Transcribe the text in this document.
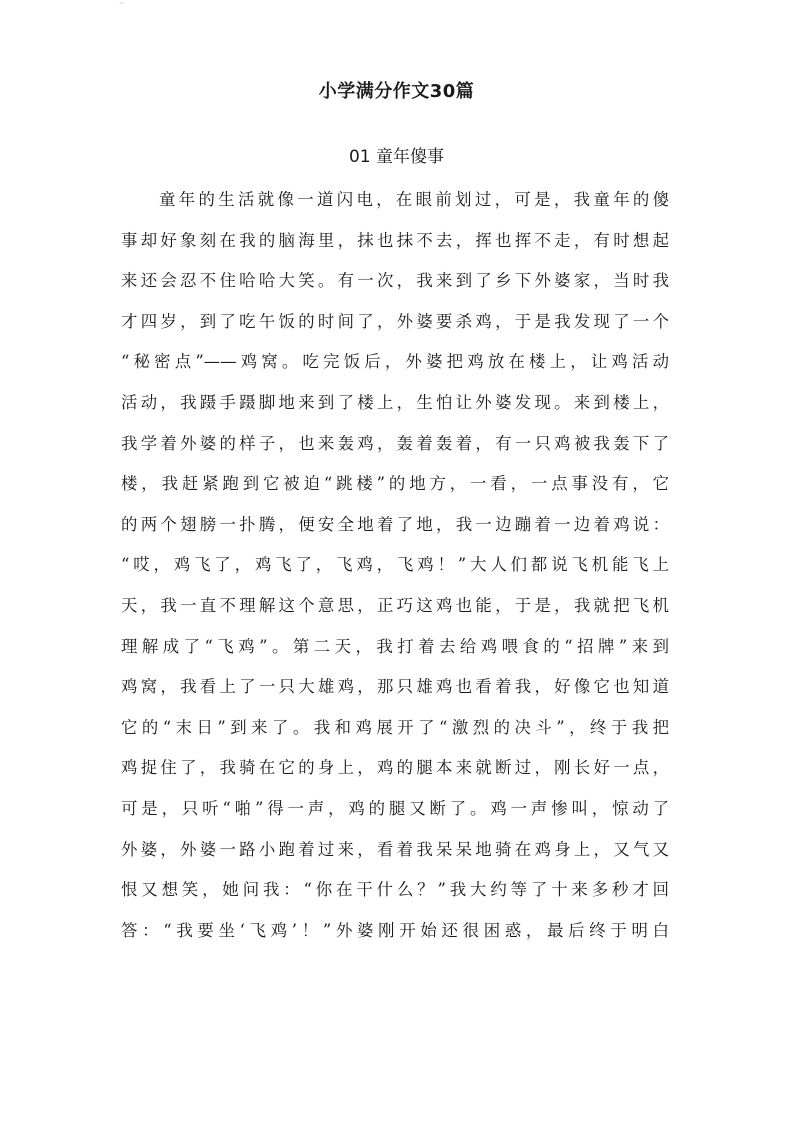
··
小学满分作文30篇
01 童年傻事
童年的生活就像一道闪电，在眼前划过，可是，我童年的傻
事却好象刻在我的脑海里，抹也抹不去，挥也挥不走，有时想起
来还会忍不住哈哈大笑。有一次，我来到了乡下外婆家，当时我
才四岁，到了吃午饭的时间了，外婆要杀鸡，于是我发现了一个
“秘密点”——鸡窝。吃完饭后，外婆把鸡放在楼上，让鸡活动
活动，我蹑手蹑脚地来到了楼上，生怕让外婆发现。来到楼上，
我学着外婆的样子，也来轰鸡，轰着轰着，有一只鸡被我轰下了
楼，我赶紧跑到它被迫“跳楼”的地方，一看，一点事没有，它
的两个翅膀一扑腾，便安全地着了地，我一边蹦着一边着鸡说：
“哎，鸡飞了，鸡飞了，飞鸡，飞鸡！”大人们都说飞机能飞上
天，我一直不理解这个意思，正巧这鸡也能，于是，我就把飞机
理解成了“飞鸡”。第二天，我打着去给鸡喂食的“招牌”来到
鸡窝，我看上了一只大雄鸡，那只雄鸡也看着我，好像它也知道
它的“末日”到来了。我和鸡展开了“激烈的决斗”，终于我把
鸡捉住了，我骑在它的身上，鸡的腿本来就断过，刚长好一点，
可是，只听“啪”得一声，鸡的腿又断了。鸡一声惨叫，惊动了
外婆，外婆一路小跑着过来，看着我呆呆地骑在鸡身上，又气又
恨又想笑，她问我：“你在干什么？”我大约等了十来多秒才回
答：“我要坐‘飞鸡’！”外婆刚开始还很困惑，最后终于明白
